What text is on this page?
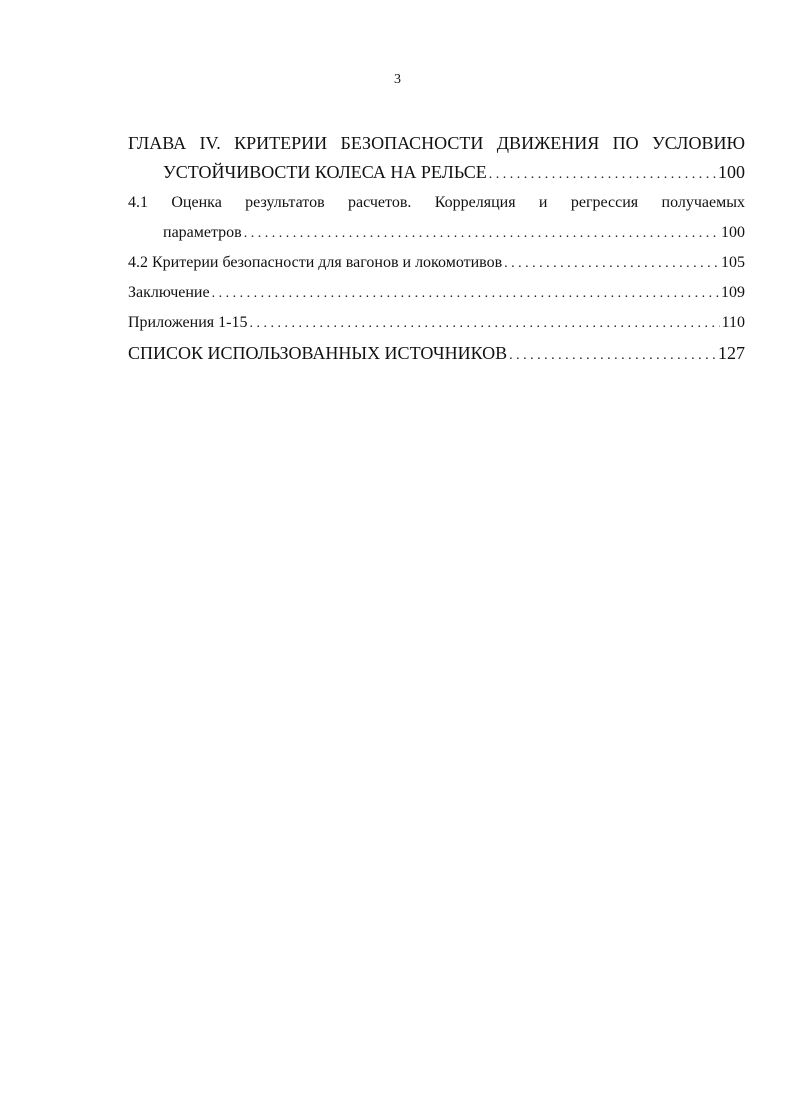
3
ГЛАВА IV. КРИТЕРИИ БЕЗОПАСНОСТИ ДВИЖЕНИЯ ПО УСЛОВИЮ
УСТОЙЧИВОСТИ КОЛЕСА НА РЕЛЬСЕ . . .	100
4.1 Оценка результатов расчетов. Корреляция и регрессия получаемых
параметров . . .	100
4.2 Критерии безопасности для вагонов и локомотивов . . .	105
Заключение . . .	109
Приложения 1-15 . . .	110
СПИСОК ИСПОЛЬЗОВАННЫХ ИСТОЧНИКОВ . . .	127
